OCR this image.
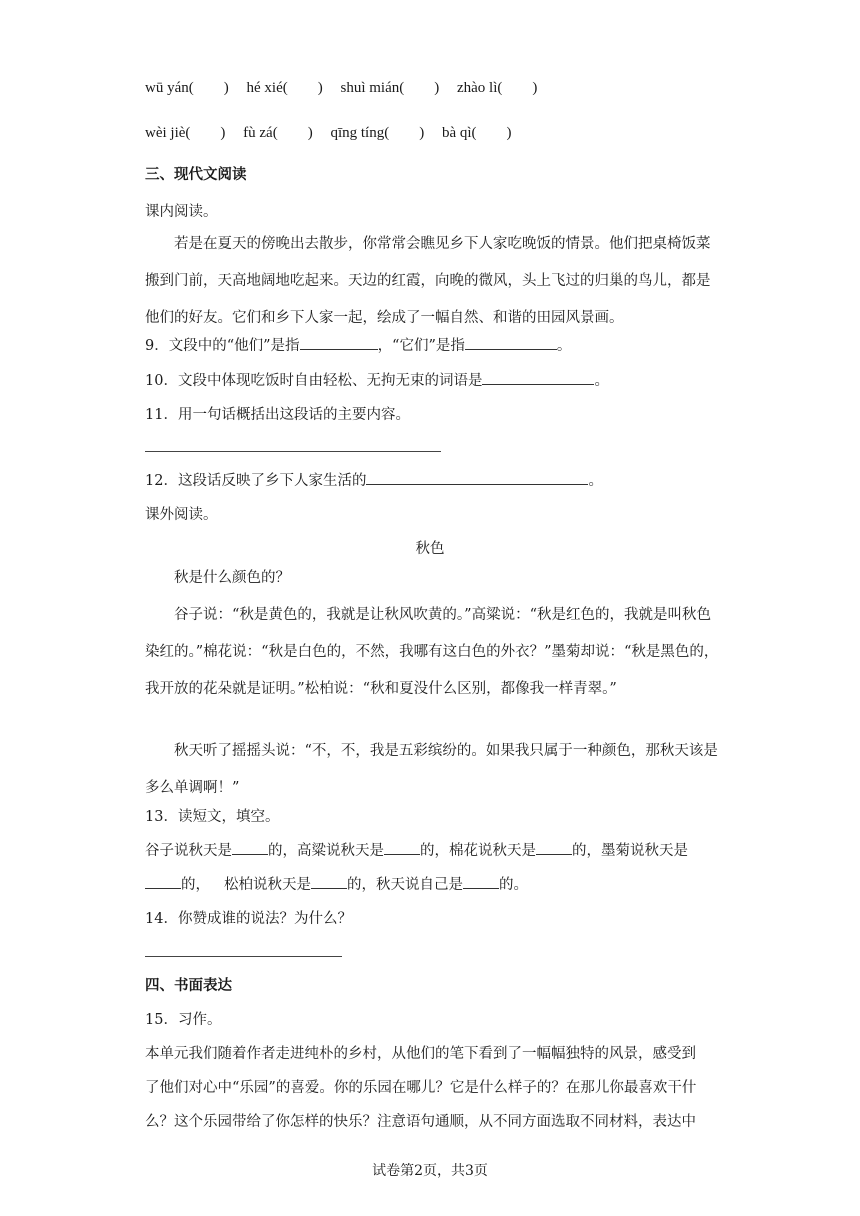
wū yán( ) hé xié( ) shuì mián( ) zhào lì( )
wèi jiè( ) fù zá( ) qīng tíng( ) bà qì( )
三、现代文阅读
课内阅读。
若是在夏天的傍晚出去散步，你常常会瞧见乡下人家吃晚饭的情景。他们把桌椅饭菜搬到门前，天高地阔地吃起来。天边的红霞，向晚的微风，头上飞过的归巢的鸟儿，都是他们的好友。它们和乡下人家一起，绘成了一幅自然、和谐的田园风景画。
9．文段中的“他们”是指	，“它们”是指	。
10．文段中体现吃饭时自由轻松、无拘无束的词语是	。
11．用一句话概括出这段话的主要内容。
12．这段话反映了乡下人家生活的	。
课外阅读。
秋色
秋是什么颜色的？
谷子说：“秋是黄色的，我就是让秋风吹黄的。”高粱说：“秋是红色的，我就是叫秋色染红的。”棉花说：“秋是白色的，不然，我哪有这白色的外衣？”墨菊却说：“秋是黑色的，我开放的花朵就是证明。”松柏说：“秋和夏没什么区别，都像我一样青翠。”
秋天听了摇摇头说：“不，不，我是五彩缤纷的。如果我只属于一种颜色，那秋天该是多么单调啊！”
13．读短文，填空。
谷子说秋天是 的，高粱说秋天是 的，棉花说秋天是 的，墨菊说秋天是
的， 松柏说秋天是 的，秋天说自己是 的。
14．你赞成谁的说法？为什么？
四、书面表达
15．习作。
本单元我们随着作者走进纯朴的乡村，从他们的笔下看到了一幅幅独特的风景，感受到
了他们对心中“乐园”的喜爱。你的乐园在哪儿？它是什么样子的？在那儿你最喜欢干什
么？这个乐园带给了你怎样的快乐？注意语句通顺，从不同方面选取不同材料，表达中
试卷第2页，共3页
